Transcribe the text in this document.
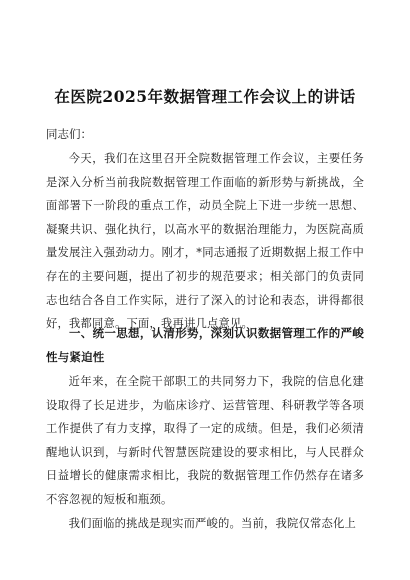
在医院2025年数据管理工作会议上的讲话
同志们：
今天，我们在这里召开全院数据管理工作会议，主要任务是深入分析当前我院数据管理工作面临的新形势与新挑战，全面部署下一阶段的重点工作，动员全院上下进一步统一思想、凝聚共识、强化执行，以高水平的数据治理能力，为医院高质量发展注入强劲动力。刚才，*同志通报了近期数据上报工作中存在的主要问题，提出了初步的规范要求；相关部门的负责同志也结合各自工作实际，进行了深入的讨论和表态，讲得都很好，我都同意。下面，我再讲几点意见。
一、统一思想，认清形势，深刻认识数据管理工作的严峻性与紧迫性
近年来，在全院干部职工的共同努力下，我院的信息化建设取得了长足进步，为临床诊疗、运营管理、科研教学等各项工作提供了有力支撑，取得了一定的成绩。但是，我们必须清醒地认识到，与新时代智慧医院建设的要求相比，与人民群众日益增长的健康需求相比，我院的数据管理工作仍然存在诸多不容忽视的短板和瓶颈。
我们面临的挑战是现实而严峻的。当前，我院仅常态化上
